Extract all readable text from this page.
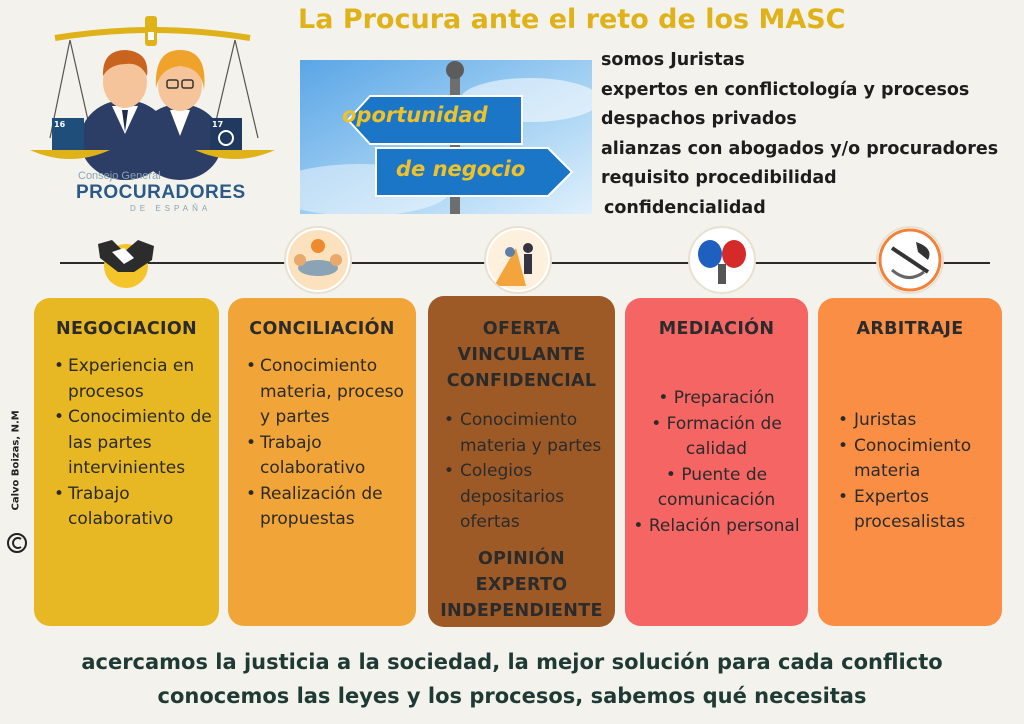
16	17
Consejo General
PROCURADORES
DE ESPAÑA
La Procura ante el reto de los MASC
oportunidad
de negocio
somos Juristas
expertos en conflictología y procesos
despachos privados
alianzas con abogados y/o procuradores
requisito procedibilidad
confidencialidad
NEGOCIACION
• Experiencia en procesos
• Conocimiento de las partes intervinientes
• Trabajo colaborativo
CONCILIACIÓN
• Conocimiento materia, proceso y partes
• Trabajo colaborativo
• Realización de propuestas
OFERTA VINCULANTE CONFIDENCIAL
• Conocimiento materia y partes
• Colegios depositarios ofertas
OPINIÓN EXPERTO INDEPENDIENTE
MEDIACIÓN
• Preparación
• Formación de calidad
• Puente de comunicación
• Relación personal
ARBITRAJE
• Juristas
• Conocimiento materia
• Expertos procesalistas
Calvo Boizas, N.M
acercamos la justicia a la sociedad, la mejor solución para cada conflicto
conocemos las leyes y los procesos, sabemos qué necesitas
